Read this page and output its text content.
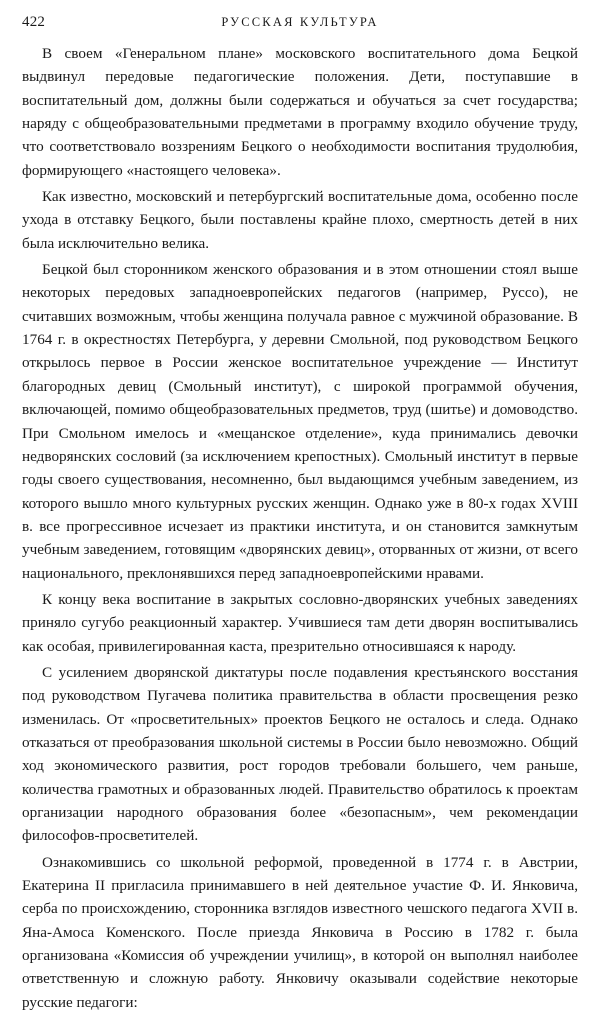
422	РУССКАЯ КУЛЬТУРА

В своем «Генеральном плане» московского воспитательного дома Бецкой выдвинул передовые педагогические положения. Дети, поступавшие в воспитательный дом, должны были содержаться и обучаться за счет государства; наряду с общеобразовательными предметами в программу входило обучение труду, что соответствовало воззрениям Бецкого о необходимости воспитания трудолюбия, формирующего «настоящего человека».

Как известно, московский и петербургский воспитательные дома, особенно после ухода в отставку Бецкого, были поставлены крайне плохо, смертность детей в них была исключительно велика.

Бецкой был сторонником женского образования и в этом отношении стоял выше некоторых передовых западноевропейских педагогов (например, Руссо), не считавших возможным, чтобы женщина получала равное с мужчиной образование. В 1764 г. в окрестностях Петербурга, у деревни Смольной, под руководством Бецкого открылось первое в России женское воспитательное учреждение — Институт благородных девиц (Смольный институт), с широкой программой обучения, включающей, помимо общеобразовательных предметов, труд (шитье) и домоводство. При Смольном имелось и «мещанское отделение», куда принимались девочки недворянских сословий (за исключением крепостных). Смольный институт в первые годы своего существования, несомненно, был выдающимся учебным заведением, из которого вышло много культурных русских женщин. Однако уже в 80-х годах XVIII в. все прогрессивное исчезает из практики института, и он становится замкнутым учебным заведением, готовящим «дворянских девиц», оторванных от жизни, от всего национального, преклонявшихся перед западноевропейскими нравами.

К концу века воспитание в закрытых сословно-дворянских учебных заведениях приняло сугубо реакционный характер. Учившиеся там дети дворян воспитывались как особая, привилегированная каста, презрительно относившаяся к народу.

С усилением дворянской диктатуры после подавления крестьянского восстания под руководством Пугачева политика правительства в области просвещения резко изменилась. От «просветительных» проектов Бецкого не осталось и следа. Однако отказаться от преобразования школьной системы в России было невозможно. Общий ход экономического развития, рост городов требовали большего, чем раньше, количества грамотных и образованных людей. Правительство обратилось к проектам организации народного образования более «безопасным», чем рекомендации философов-просветителей.

Ознакомившись со школьной реформой, проведенной в 1774 г. в Австрии, Екатерина II пригласила принимавшего в ней деятельное участие Ф. И. Янковича, серба по происхождению, сторонника взглядов известного чешского педагога XVII в. Яна-Амоса Коменского. После приезда Янковича в Россию в 1782 г. была организована «Комиссия об учреждении училищ», в которой он выполнял наиболее ответственную и сложную работу. Янковичу оказывали содействие некоторые русские педагоги:
